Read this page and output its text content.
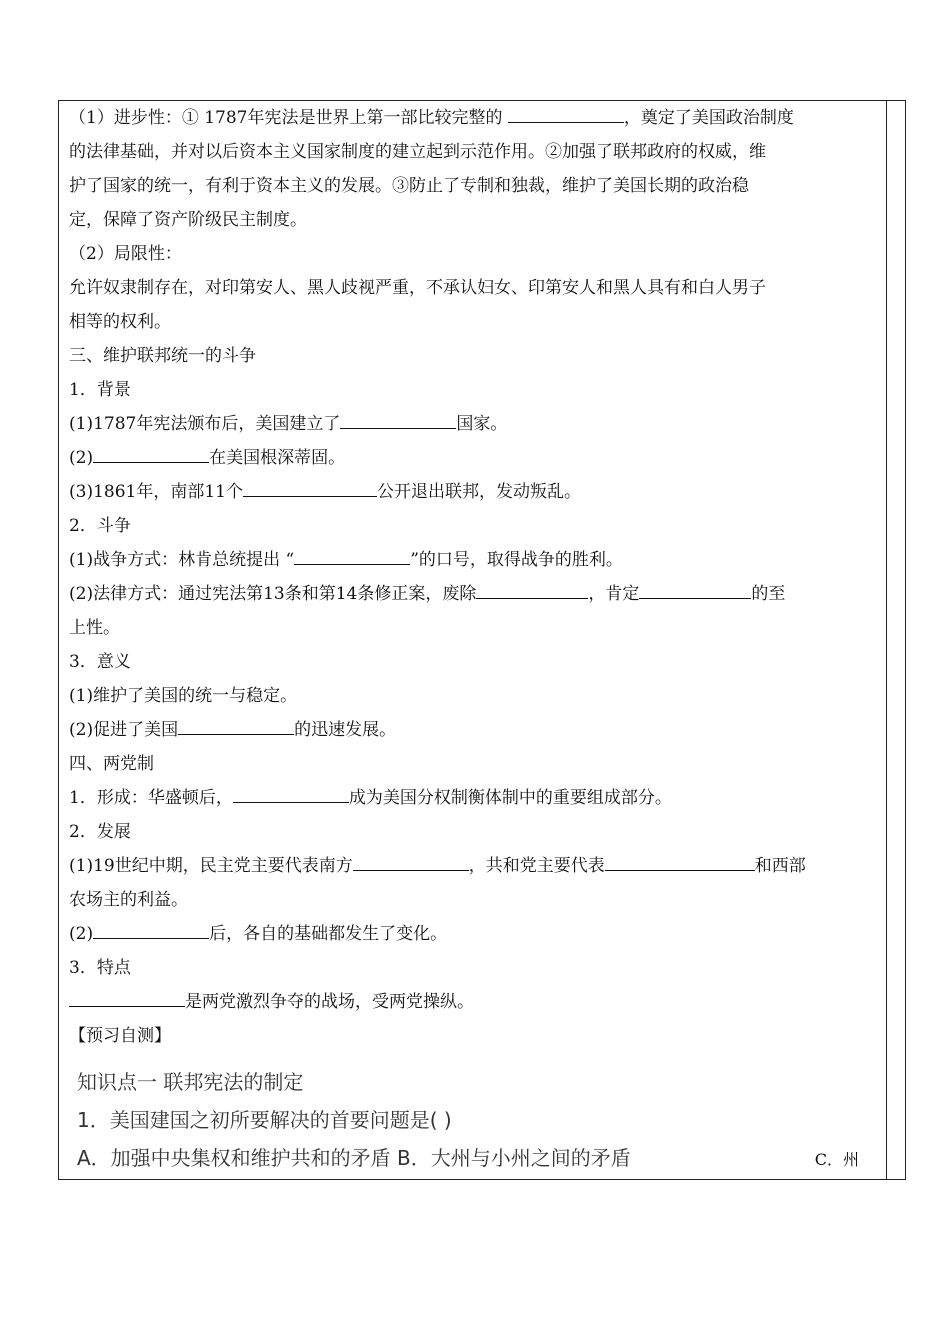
（1）进步性：① 1787年宪法是世界上第一部比较完整的	，奠定了美国政治制度
的法律基础，并对以后资本主义国家制度的建立起到示范作用。②加强了联邦政府的权威，维
护了国家的统一，有利于资本主义的发展。③防止了专制和独裁，维护了美国长期的政治稳
定，保障了资产阶级民主制度。
（2）局限性：
允许奴隶制存在，对印第安人、黑人歧视严重，不承认妇女、印第安人和黑人具有和白人男子
相等的权利。
三、维护联邦统一的斗争
1．背景
(1)1787年宪法颁布后，美国建立了	国家。
(2)	在美国根深蒂固。
(3)1861年，南部11个	公开退出联邦，发动叛乱。
2．斗争
(1)战争方式：林肯总统提出 “	”的口号，取得战争的胜利。
(2)法律方式：通过宪法第13条和第14条修正案，废除	，肯定	的至
上性。
3．意义
(1)维护了美国的统一与稳定。
(2)促进了美国	的迅速发展。
四、两党制
1．形成：华盛顿后，	成为美国分权制衡体制中的重要组成部分。
2．发展
(1)19世纪中期，民主党主要代表南方	，共和党主要代表	和西部
农场主的利益。
(2)	后，各自的基础都发生了变化。
3．特点
是两党激烈争夺的战场，受两党操纵。
【预习自测】
知识点一 联邦宪法的制定
1．美国建国之初所要解决的首要问题是( )
A．加强中央集权和维护共和的矛盾 B．大州与小州之间的矛盾	C．州
